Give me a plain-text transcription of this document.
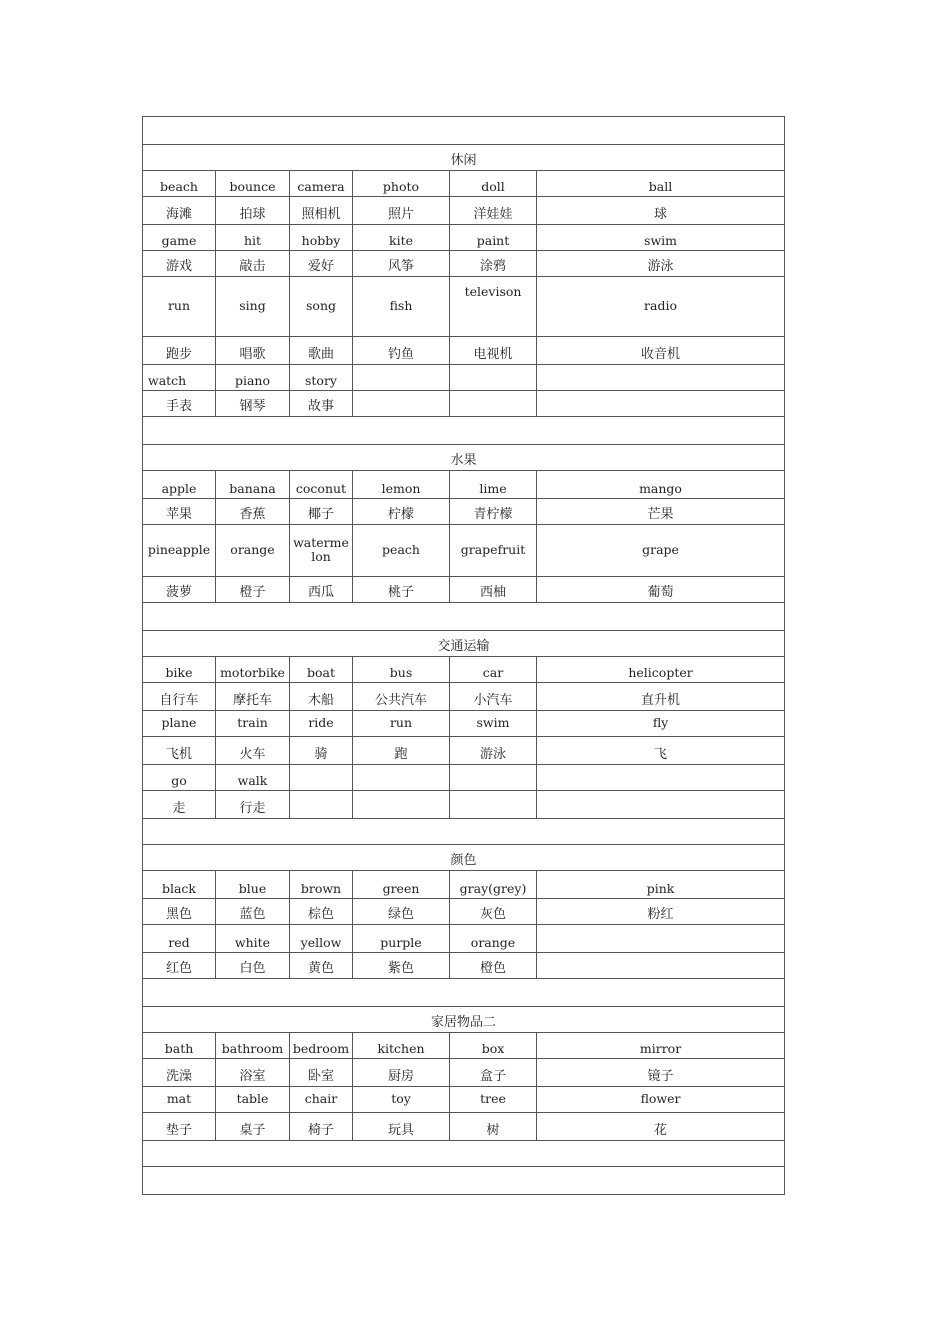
休闲					
beach	bounce	camera	photo	doll	ball
海滩	拍球	照相机	照片	洋娃娃	球
game	hit	hobby	kite	paint	swim
游戏	敲击	爱好	风筝	涂鸦	游泳
run	sing	song	fish	televison	radio
跑步	唱歌	歌曲	钓鱼	电视机	收音机
watch	piano	story			
手表	钢琴	故事			

水果					
apple	banana	coconut	lemon	lime	mango
苹果	香蕉	椰子	柠檬	青柠檬	芒果
pineapple	orange	watermelon	peach	grapefruit	grape
菠萝	橙子	西瓜	桃子	西柚	葡萄

交通运输					
bike	motorbike	boat	bus	car	helicopter
自行车	摩托车	木船	公共汽车	小汽车	直升机
plane	train	ride	run	swim	fly
飞机	火车	骑	跑	游泳	飞
go	walk				
走	行走				

颜色					
black	blue	brown	green	gray(grey)	pink
黑色	蓝色	棕色	绿色	灰色	粉红
red	white	yellow	purple	orange	
红色	白色	黄色	紫色	橙色	

家居物品二					
bath	bathroom	bedroom	kitchen	box	mirror
洗澡	浴室	卧室	厨房	盒子	镜子
mat	table	chair	toy	tree	flower
垫子	桌子	椅子	玩具	树	花
